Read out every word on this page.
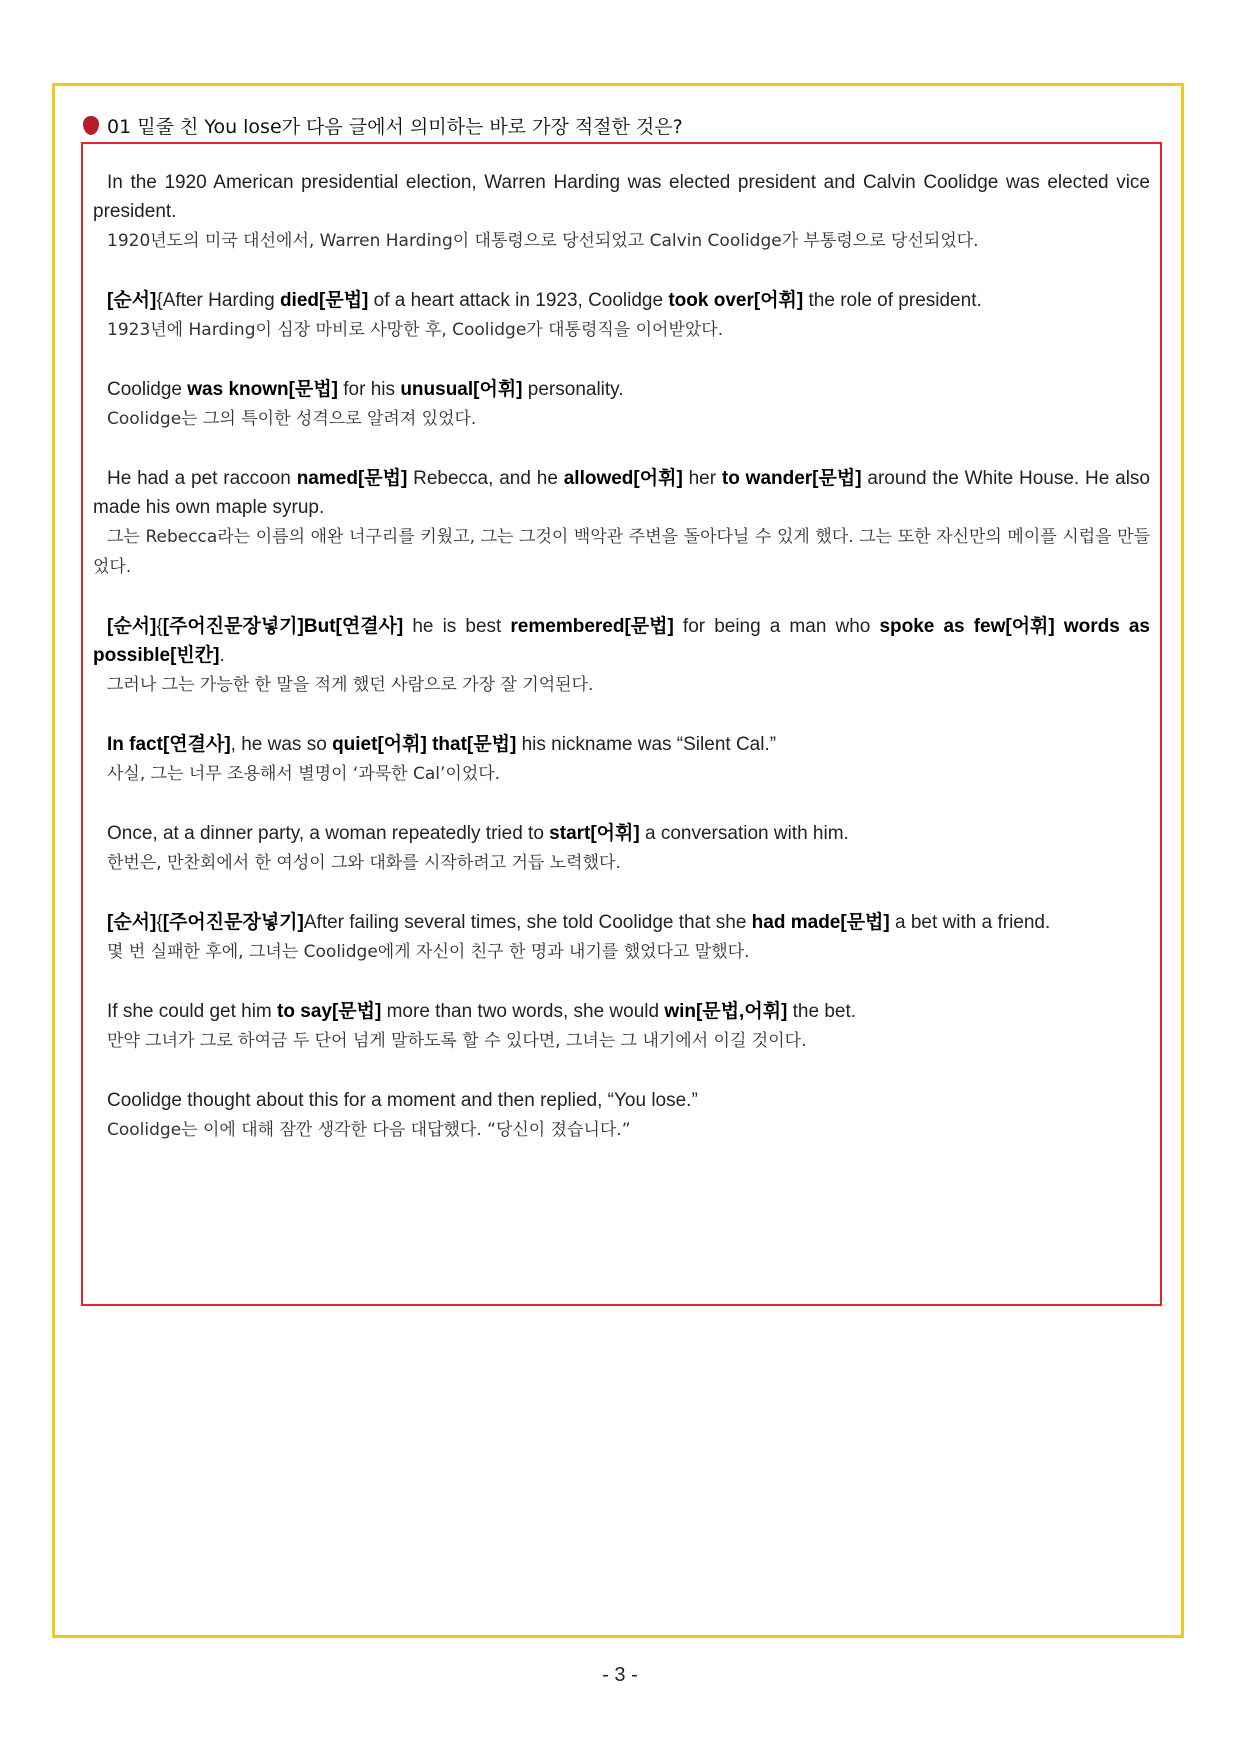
01 밑줄 친 You lose가 다음 글에서 의미하는 바로 가장 적절한 것은?

In the 1920 American presidential election, Warren Harding was elected president and Calvin Coolidge was elected vice president.

1920년도의 미국 대선에서, Warren Harding이 대통령으로 당선되었고 Calvin Coolidge가 부통령으로 당선되었다.

[순서]{After Harding died[문법] of a heart attack in 1923, Coolidge took over[어휘] the role of president.

1923년에 Harding이 심장 마비로 사망한 후, Coolidge가 대통령직을 이어받았다.

Coolidge was known[문법] for his unusual[어휘] personality.

Coolidge는 그의 특이한 성격으로 알려져 있었다.

He had a pet raccoon named[문법] Rebecca, and he allowed[어휘] her to wander[문법] around the White House. He also made his own maple syrup.

그는 Rebecca라는 이름의 애완 너구리를 키웠고, 그는 그것이 백악관 주변을 돌아다닐 수 있게 했다. 그는 또한 자신만의 메이플 시럽을 만들었다.

[순서]{[주어진문장넣기]But[연결사] he is best remembered[문법] for being a man who spoke as few[어휘] words as possible[빈칸].

그러나 그는 가능한 한 말을 적게 했던 사람으로 가장 잘 기억된다.

In fact[연결사], he was so quiet[어휘] that[문법] his nickname was “Silent Cal.”

사실, 그는 너무 조용해서 별명이 ‘과묵한 Cal’이었다.

Once, at a dinner party, a woman repeatedly tried to start[어휘] a conversation with him.

한번은, 만찬회에서 한 여성이 그와 대화를 시작하려고 거듭 노력했다.

[순서]{[주어진문장넣기]After failing several times, she told Coolidge that she had made[문법] a bet with a friend.

몇 번 실패한 후에, 그녀는 Coolidge에게 자신이 친구 한 명과 내기를 했었다고 말했다.

If she could get him to say[문법] more than two words, she would win[문법,어휘] the bet.

만약 그녀가 그로 하여금 두 단어 넘게 말하도록 할 수 있다면, 그녀는 그 내기에서 이길 것이다.

Coolidge thought about this for a moment and then replied, “You lose.”

Coolidge는 이에 대해 잠깐 생각한 다음 대답했다. “당신이 졌습니다.”

- 3 -
